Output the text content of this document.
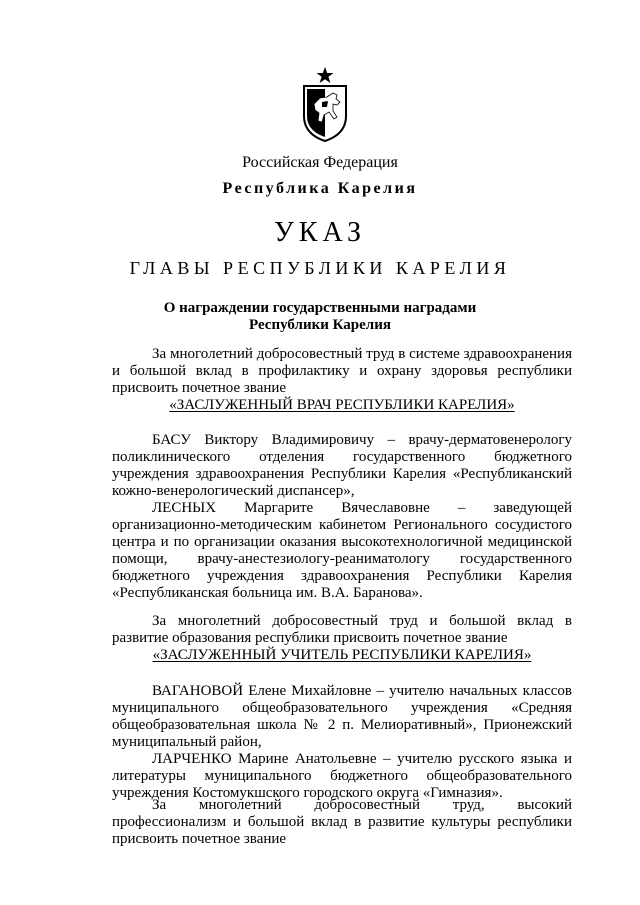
Российская Федерация
Республика Карелия
УКАЗ
ГЛАВЫ РЕСПУБЛИКИ КАРЕЛИЯ
О награждении государственными наградами
Республики Карелия

За многолетний добросовестный труд в системе здравоохранения и большой вклад в профилактику и охрану здоровья республики присвоить почетное звание

«ЗАСЛУЖЕННЫЙ ВРАЧ РЕСПУБЛИКИ КАРЕЛИЯ»

БАСУ Виктору Владимировичу – врачу-дерматовенерологу поликлинического отделения государственного бюджетного учреждения здравоохранения Республики Карелия «Республиканский кожно-венерологический диспансер»,

ЛЕСНЫХ Маргарите Вячеславовне – заведующей организационно-методическим кабинетом Регионального сосудистого центра и по организации оказания высокотехнологичной медицинской помощи, врачу-анестезиологу-реаниматологу государственного бюджетного учреждения здравоохранения Республики Карелия «Республиканская больница им. В.А. Баранова».

За многолетний добросовестный труд и большой вклад в развитие образования республики присвоить почетное звание

«ЗАСЛУЖЕННЫЙ УЧИТЕЛЬ РЕСПУБЛИКИ КАРЕЛИЯ»

ВАГАНОВОЙ Елене Михайловне – учителю начальных классов муниципального общеобразовательного учреждения «Средняя общеобразовательная школа № 2 п. Мелиоративный», Прионежский муниципальный район,

ЛАРЧЕНКО Марине Анатольевне – учителю русского языка и литературы муниципального бюджетного общеобразовательного учреждения Костомукшского городского округа «Гимназия».

За многолетний добросовестный труд, высокий профессионализм и большой вклад в развитие культуры республики присвоить почетное звание
